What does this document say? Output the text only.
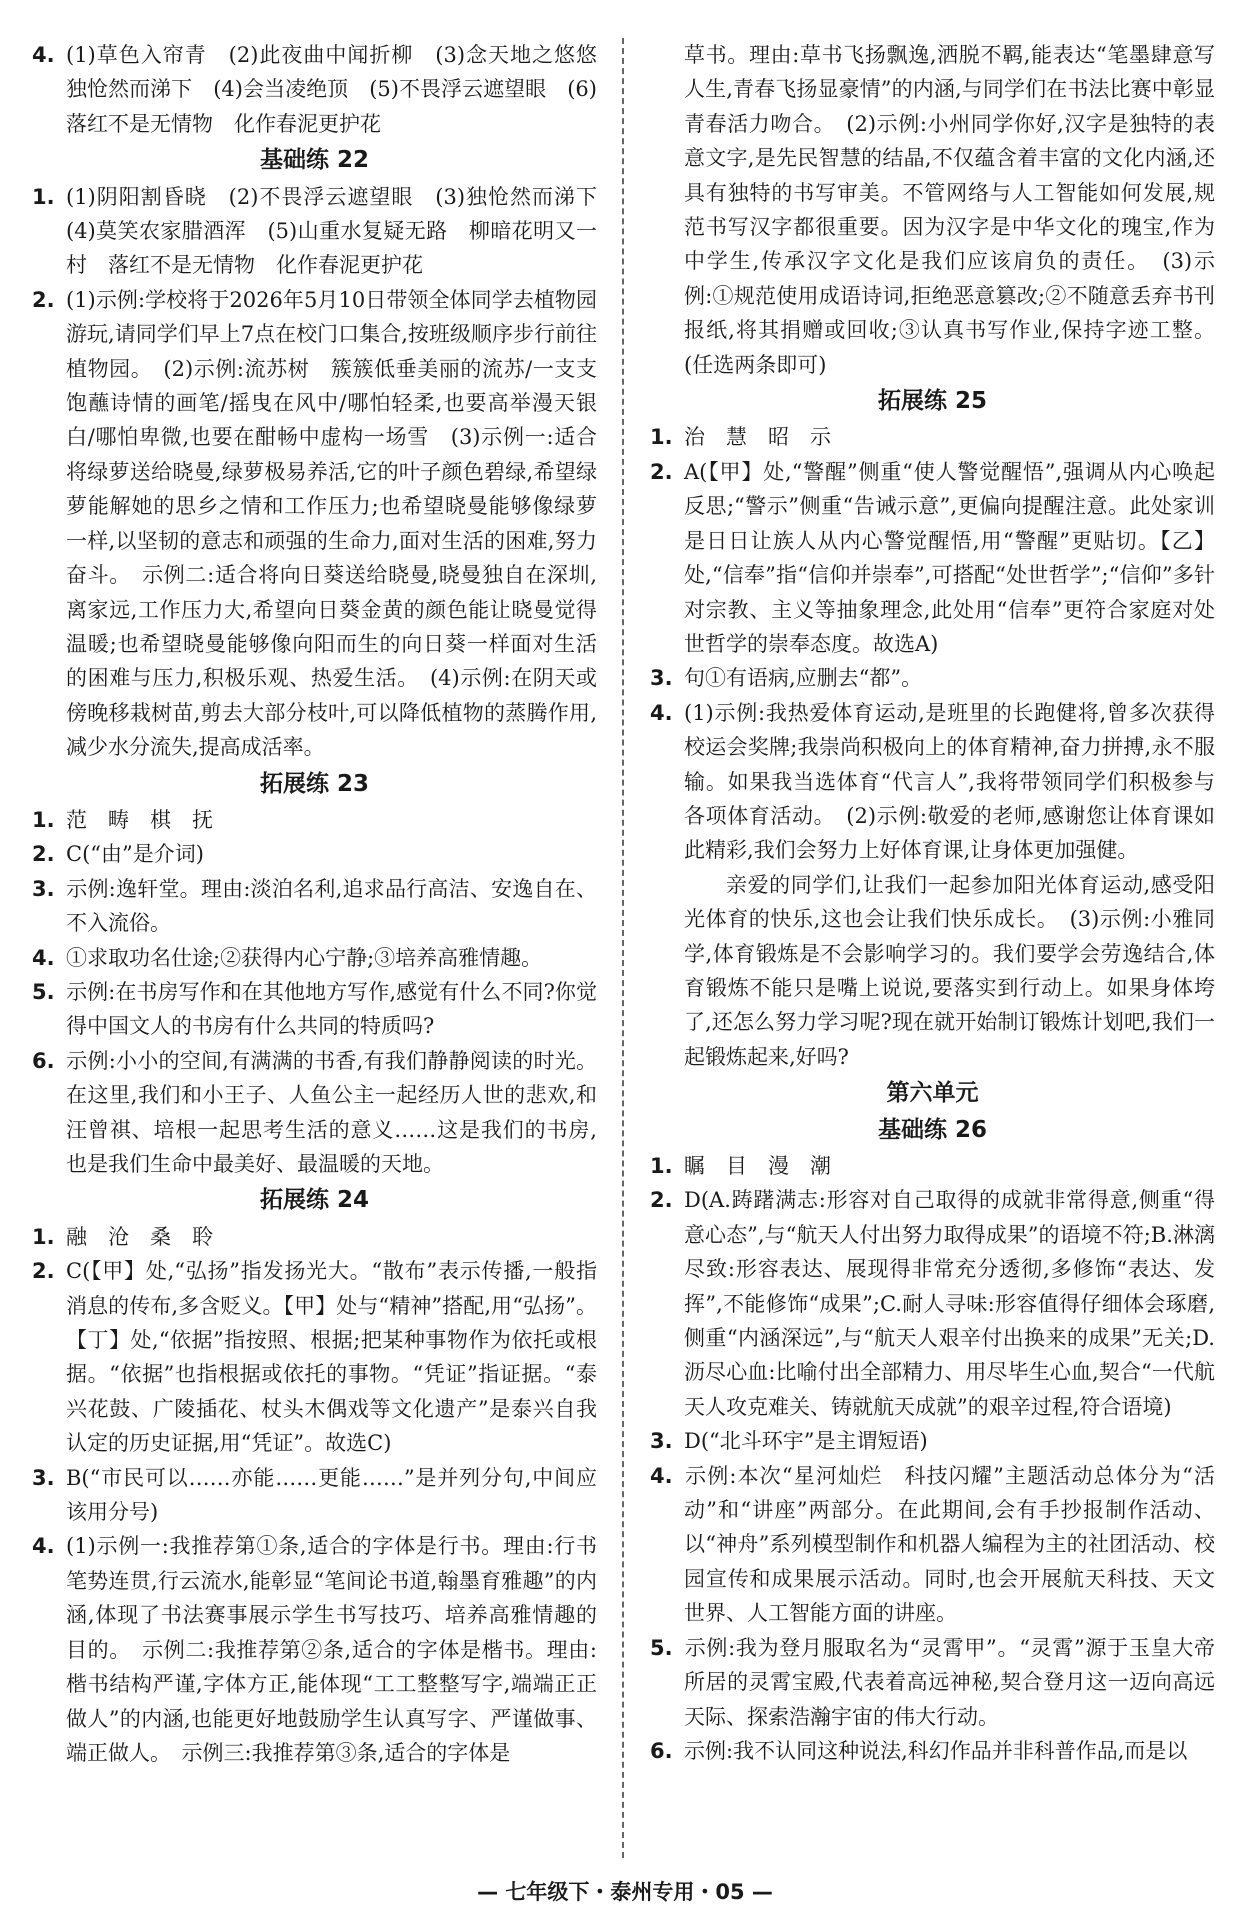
4. (1)草色入帘青　(2)此夜曲中闻折柳　(3)念天地之悠悠　独怆然而涕下　(4)会当凌绝顶　(5)不畏浮云遮望眼　(6)落红不是无情物　化作春泥更护花

基础练 22

1. (1)阴阳割昏晓　(2)不畏浮云遮望眼　(3)独怆然而涕下　(4)莫笑农家腊酒浑　(5)山重水复疑无路　柳暗花明又一村　落红不是无情物　化作春泥更护花

2. (1)示例:学校将于2026年5月10日带领全体同学去植物园游玩,请同学们早上7点在校门口集合,按班级顺序步行前往植物园。　(2)示例:流苏树　簇簇低垂美丽的流苏/一支支饱蘸诗情的画笔/摇曳在风中/哪怕轻柔,也要高举漫天银白/哪怕卑微,也要在酣畅中虚构一场雪　(3)示例一:适合将绿萝送给晓曼,绿萝极易养活,它的叶子颜色碧绿,希望绿萝能解她的思乡之情和工作压力;也希望晓曼能够像绿萝一样,以坚韧的意志和顽强的生命力,面对生活的困难,努力奋斗。　示例二:适合将向日葵送给晓曼,晓曼独自在深圳,离家远,工作压力大,希望向日葵金黄的颜色能让晓曼觉得温暖;也希望晓曼能够像向阳而生的向日葵一样面对生活的困难与压力,积极乐观、热爱生活。　(4)示例:在阴天或傍晚移栽树苗,剪去大部分枝叶,可以降低植物的蒸腾作用,减少水分流失,提高成活率。

拓展练 23

1. 范　畴　棋　抚

2. C(“由”是介词)

3. 示例:逸轩堂。理由:淡泊名利,追求品行高洁、安逸自在、不入流俗。

4. ①求取功名仕途;②获得内心宁静;③培养高雅情趣。

5. 示例:在书房写作和在其他地方写作,感觉有什么不同?你觉得中国文人的书房有什么共同的特质吗?

6. 示例:小小的空间,有满满的书香,有我们静静阅读的时光。在这里,我们和小王子、人鱼公主一起经历人世的悲欢,和汪曾祺、培根一起思考生活的意义……这是我们的书房,也是我们生命中最美好、最温暖的天地。

拓展练 24

1. 融　沧　桑　聆

2. C(【甲】处,“弘扬”指发扬光大。“散布”表示传播,一般指消息的传布,多含贬义。【甲】处与“精神”搭配,用“弘扬”。【丁】处,“依据”指按照、根据;把某种事物作为依托或根据。“依据”也指根据或依托的事物。“凭证”指证据。“泰兴花鼓、广陵插花、杖头木偶戏等文化遗产”是泰兴自我认定的历史证据,用“凭证”。故选C)

3. B(“市民可以……亦能……更能……”是并列分句,中间应该用分号)

4. (1)示例一:我推荐第①条,适合的字体是行书。理由:行书笔势连贯,行云流水,能彰显“笔间论书道,翰墨育雅趣”的内涵,体现了书法赛事展示学生书写技巧、培养高雅情趣的目的。　示例二:我推荐第②条,适合的字体是楷书。理由:楷书结构严谨,字体方正,能体现“工工整整写字,端端正正做人”的内涵,也能更好地鼓励学生认真写字、严谨做事、端正做人。　示例三:我推荐第③条,适合的字体是

草书。理由:草书飞扬飘逸,洒脱不羁,能表达“笔墨肆意写人生,青春飞扬显豪情”的内涵,与同学们在书法比赛中彰显青春活力吻合。　(2)示例:小州同学你好,汉字是独特的表意文字,是先民智慧的结晶,不仅蕴含着丰富的文化内涵,还具有独特的书写审美。不管网络与人工智能如何发展,规范书写汉字都很重要。因为汉字是中华文化的瑰宝,作为中学生,传承汉字文化是我们应该肩负的责任。　(3)示例:①规范使用成语诗词,拒绝恶意篡改;②不随意丢弃书刊报纸,将其捐赠或回收;③认真书写作业,保持字迹工整。(任选两条即可)

拓展练 25

1. 治　慧　昭　示

2. A(【甲】处,“警醒”侧重“使人警觉醒悟”,强调从内心唤起反思;“警示”侧重“告诫示意”,更偏向提醒注意。此处家训是日日让族人从内心警觉醒悟,用“警醒”更贴切。【乙】处,“信奉”指“信仰并崇奉”,可搭配“处世哲学”;“信仰”多针对宗教、主义等抽象理念,此处用“信奉”更符合家庭对处世哲学的崇奉态度。故选A)

3. 句①有语病,应删去“都”。

4. (1)示例:我热爱体育运动,是班里的长跑健将,曾多次获得校运会奖牌;我崇尚积极向上的体育精神,奋力拼搏,永不服输。如果我当选体育“代言人”,我将带领同学们积极参与各项体育活动。　(2)示例:敬爱的老师,感谢您让体育课如此精彩,我们会努力上好体育课,让身体更加强健。

亲爱的同学们,让我们一起参加阳光体育运动,感受阳光体育的快乐,这也会让我们快乐成长。　(3)示例:小雅同学,体育锻炼是不会影响学习的。我们要学会劳逸结合,体育锻炼不能只是嘴上说说,要落实到行动上。如果身体垮了,还怎么努力学习呢?现在就开始制订锻炼计划吧,我们一起锻炼起来,好吗?

第六单元
基础练 26

1. 瞩　目　漫　潮

2. D(A.踌躇满志:形容对自己取得的成就非常得意,侧重“得意心态”,与“航天人付出努力取得成果”的语境不符;B.淋漓尽致:形容表达、展现得非常充分透彻,多修饰“表达、发挥”,不能修饰“成果”;C.耐人寻味:形容值得仔细体会琢磨,侧重“内涵深远”,与“航天人艰辛付出换来的成果”无关;D.沥尽心血:比喻付出全部精力、用尽毕生心血,契合“一代航天人攻克难关、铸就航天成就”的艰辛过程,符合语境)

3. D(“北斗环宇”是主谓短语)

4. 示例:本次“星河灿烂　科技闪耀”主题活动总体分为“活动”和“讲座”两部分。在此期间,会有手抄报制作活动、以“神舟”系列模型制作和机器人编程为主的社团活动、校园宣传和成果展示活动。同时,也会开展航天科技、天文世界、人工智能方面的讲座。

5. 示例:我为登月服取名为“灵霄甲”。“灵霄”源于玉皇大帝所居的灵霄宝殿,代表着高远神秘,契合登月这一迈向高远天际、探索浩瀚宇宙的伟大行动。

6. 示例:我不认同这种说法,科幻作品并非科普作品,而是以

— 七年级下・泰州专用・05 —
